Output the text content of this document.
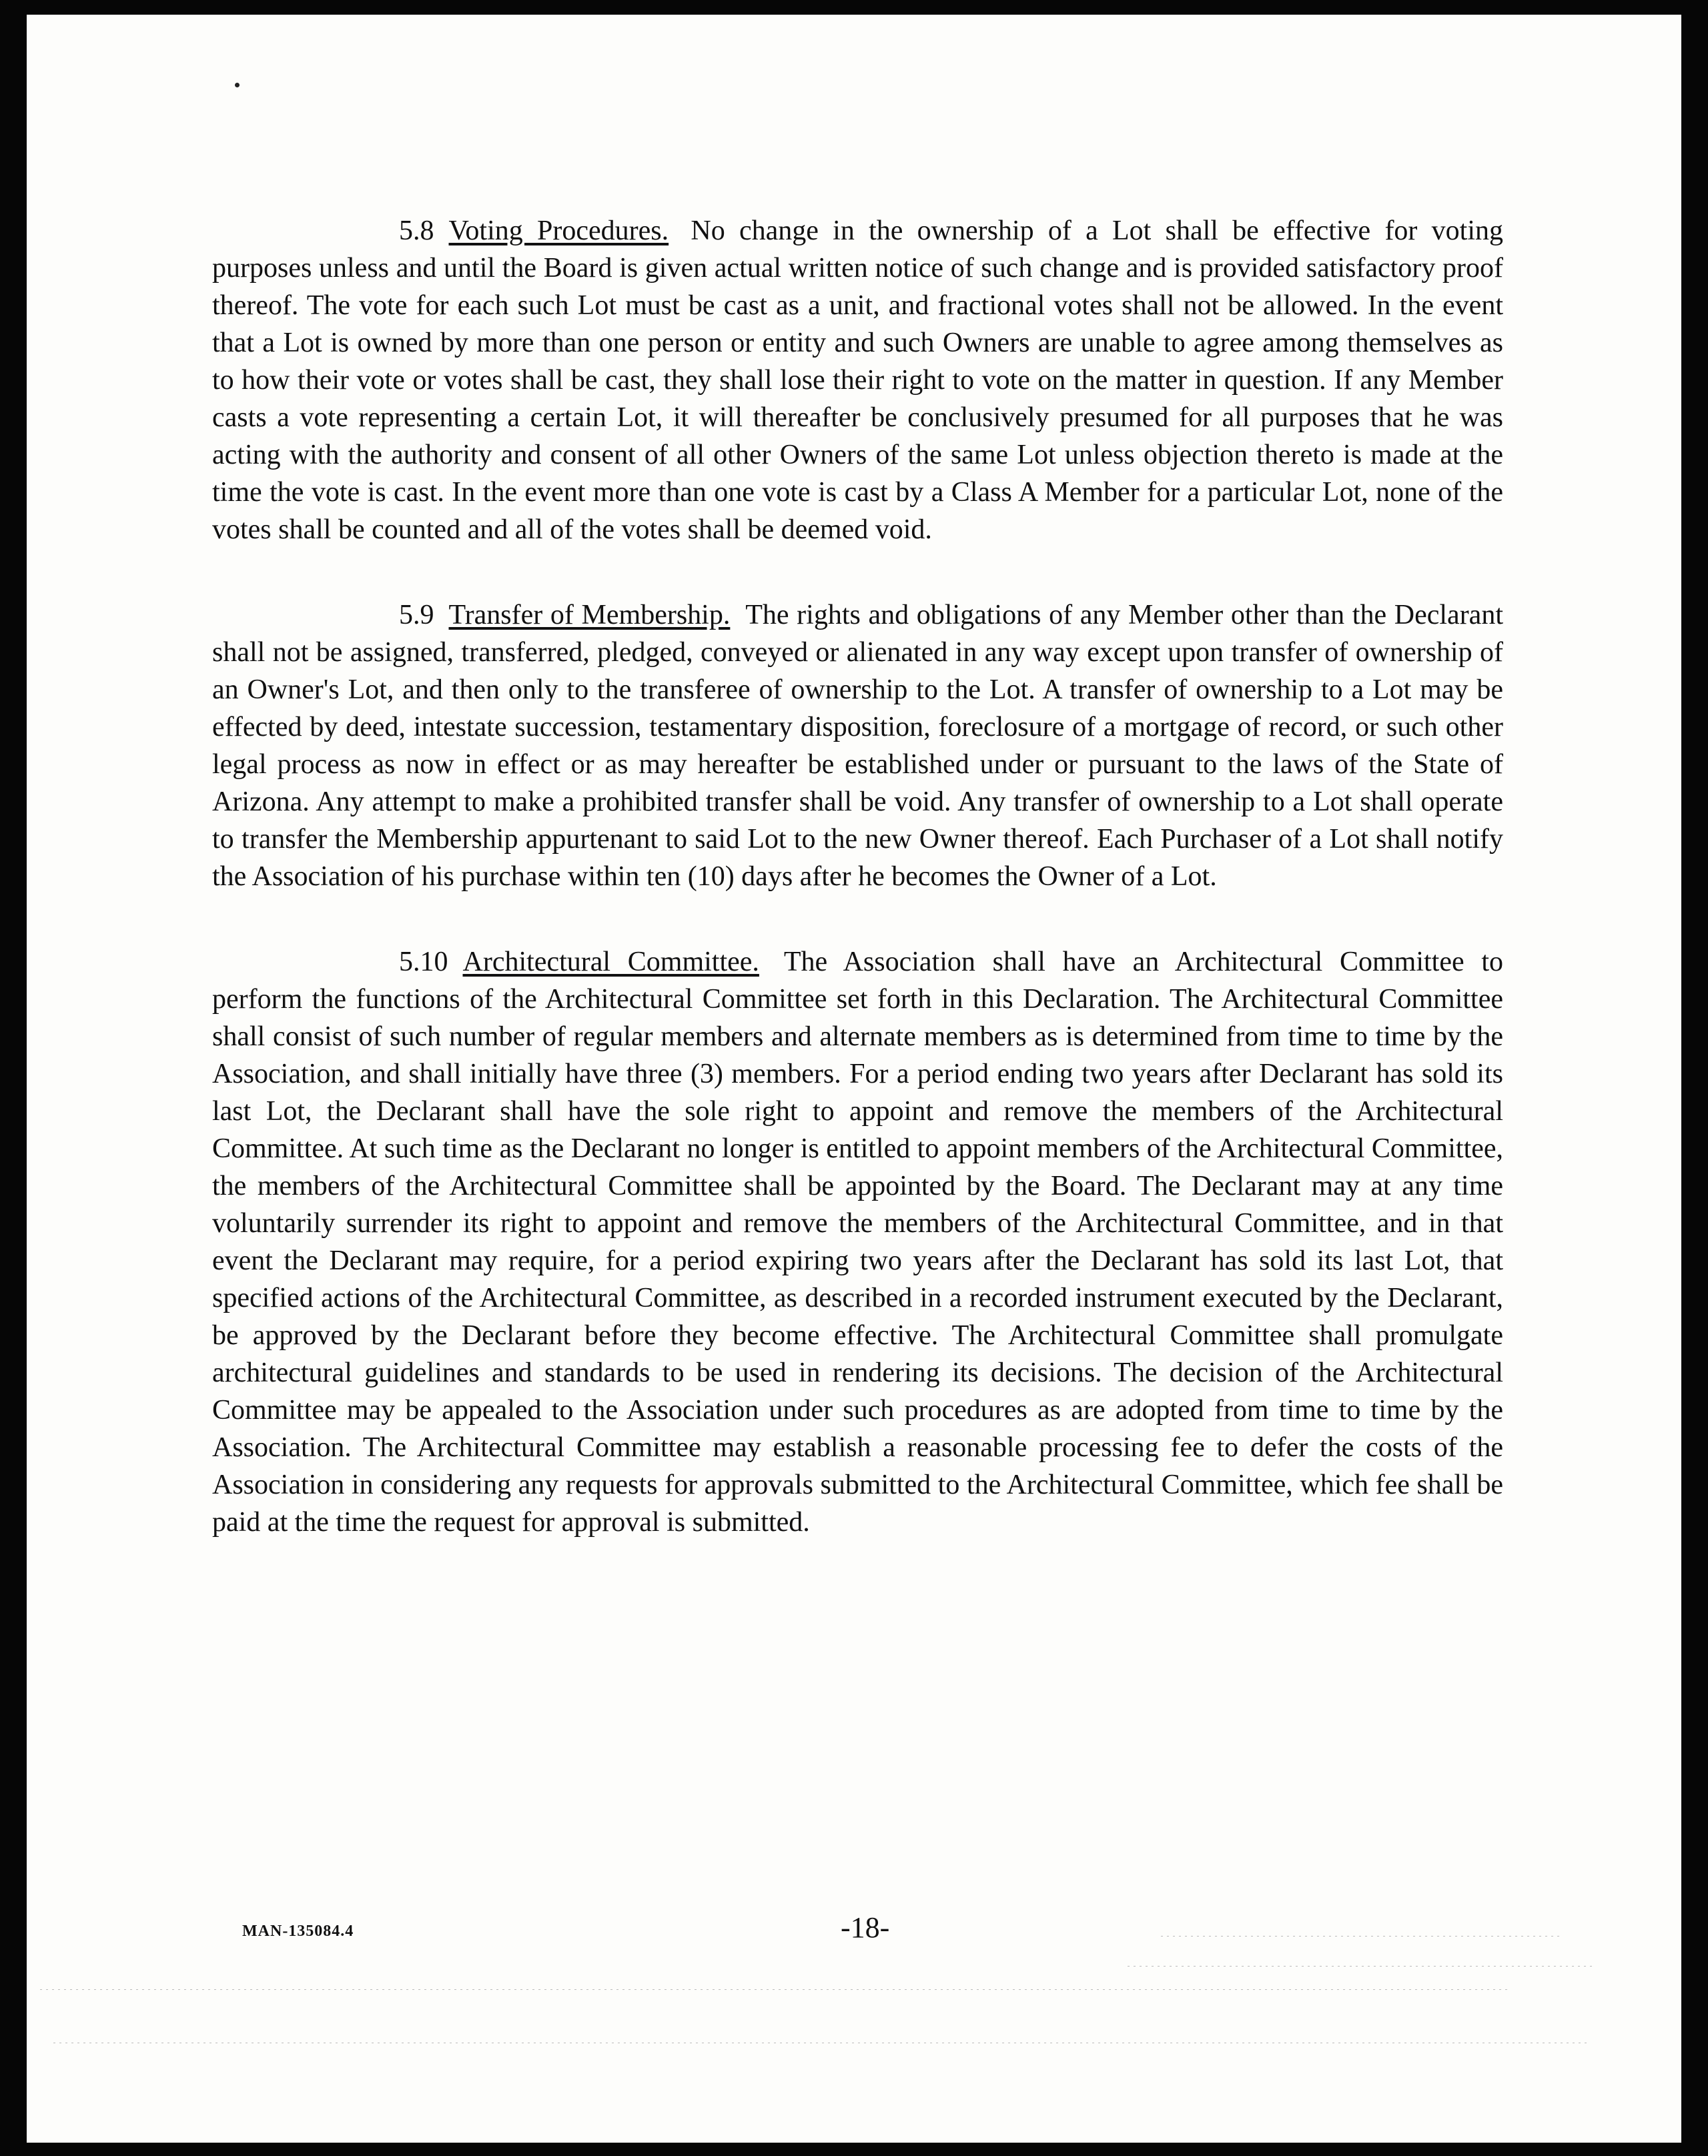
5.8 Voting Procedures. No change in the ownership of a Lot shall be effective for voting purposes unless and until the Board is given actual written notice of such change and is provided satisfactory proof thereof. The vote for each such Lot must be cast as a unit, and fractional votes shall not be allowed. In the event that a Lot is owned by more than one person or entity and such Owners are unable to agree among themselves as to how their vote or votes shall be cast, they shall lose their right to vote on the matter in question. If any Member casts a vote representing a certain Lot, it will thereafter be conclusively presumed for all purposes that he was acting with the authority and consent of all other Owners of the same Lot unless objection thereto is made at the time the vote is cast. In the event more than one vote is cast by a Class A Member for a particular Lot, none of the votes shall be counted and all of the votes shall be deemed void.

5.9 Transfer of Membership. The rights and obligations of any Member other than the Declarant shall not be assigned, transferred, pledged, conveyed or alienated in any way except upon transfer of ownership of an Owner's Lot, and then only to the transferee of ownership to the Lot. A transfer of ownership to a Lot may be effected by deed, intestate succession, testamentary disposition, foreclosure of a mortgage of record, or such other legal process as now in effect or as may hereafter be established under or pursuant to the laws of the State of Arizona. Any attempt to make a prohibited transfer shall be void. Any transfer of ownership to a Lot shall operate to transfer the Membership appurtenant to said Lot to the new Owner thereof. Each Purchaser of a Lot shall notify the Association of his purchase within ten (10) days after he becomes the Owner of a Lot.

5.10 Architectural Committee. The Association shall have an Architectural Committee to perform the functions of the Architectural Committee set forth in this Declaration. The Architectural Committee shall consist of such number of regular members and alternate members as is determined from time to time by the Association, and shall initially have three (3) members. For a period ending two years after Declarant has sold its last Lot, the Declarant shall have the sole right to appoint and remove the members of the Architectural Committee. At such time as the Declarant no longer is entitled to appoint members of the Architectural Committee, the members of the Architectural Committee shall be appointed by the Board. The Declarant may at any time voluntarily surrender its right to appoint and remove the members of the Architectural Committee, and in that event the Declarant may require, for a period expiring two years after the Declarant has sold its last Lot, that specified actions of the Architectural Committee, as described in a recorded instrument executed by the Declarant, be approved by the Declarant before they become effective. The Architectural Committee shall promulgate architectural guidelines and standards to be used in rendering its decisions. The decision of the Architectural Committee may be appealed to the Association under such procedures as are adopted from time to time by the Association. The Architectural Committee may establish a reasonable processing fee to defer the costs of the Association in considering any requests for approvals submitted to the Architectural Committee, which fee shall be paid at the time the request for approval is submitted.

MAN-135084.4	-18-
